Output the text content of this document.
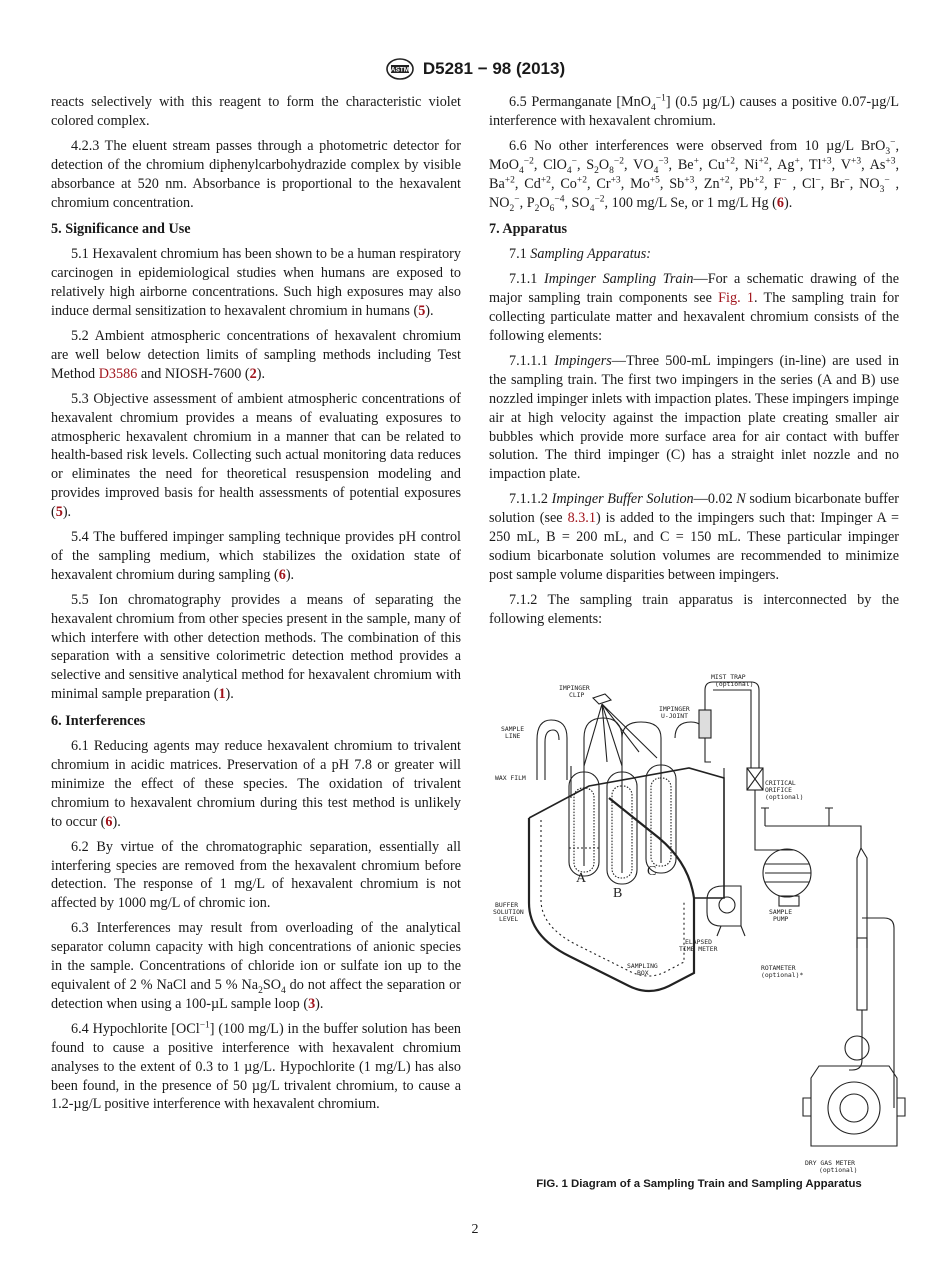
ASTM D5281 − 98 (2013)

reacts selectively with this reagent to form the characteristic violet colored complex.

4.2.3 The eluent stream passes through a photometric detector for detection of the chromium diphenylcarbohydrazide complex by visible absorbance at 520 nm. Absorbance is proportional to the hexavalent chromium concentration.

5. Significance and Use

5.1 Hexavalent chromium has been shown to be a human respiratory carcinogen in epidemiological studies when humans are exposed to relatively high airborne concentrations. Such high exposures may also induce dermal sensitization to hexavalent chromium in humans (5).

5.2 Ambient atmospheric concentrations of hexavalent chromium are well below detection limits of sampling methods including Test Method D3586 and NIOSH-7600 (2).

5.3 Objective assessment of ambient atmospheric concentrations of hexavalent chromium provides a means of evaluating exposures to atmospheric hexavalent chromium in a manner that can be related to health-based risk levels. Collecting such actual monitoring data reduces or eliminates the need for theoretical resuspension modeling and provides improved basis for health assessments of potential exposures (5).

5.4 The buffered impinger sampling technique provides pH control of the sampling medium, which stabilizes the oxidation state of hexavalent chromium during sampling (6).

5.5 Ion chromatography provides a means of separating the hexavalent chromium from other species present in the sample, many of which interfere with other detection methods. The combination of this separation with a sensitive colorimetric detection method provides a selective and sensitive analytical method for hexavalent chromium with minimal sample preparation (1).

6. Interferences

6.1 Reducing agents may reduce hexavalent chromium to trivalent chromium in acidic matrices. Preservation of a pH 7.8 or greater will minimize the effect of these species. The oxidation of trivalent chromium to hexavalent chromium during this test method is unlikely to occur (6).

6.2 By virtue of the chromatographic separation, essentially all interfering species are removed from the hexavalent chromium before detection. The response of 1 mg/L of hexavalent chromium is not affected by 1000 mg/L of chromic ion.

6.3 Interferences may result from overloading of the analytical separator column capacity with high concentrations of anionic species in the sample. Concentrations of chloride ion or sulfate ion up to the equivalent of 2 % NaCl and 5 % $Na_2SO_4$ do not affect the separation or detection when using a 100-µL sample loop (3).

6.4 Hypochlorite [OCl$^{-1}$] (100 mg/L) in the buffer solution has been found to cause a positive interference with hexavalent chromium analyses to the extent of 0.3 to 1 µg/L. Hypochlorite (1 mg/L) has also been found, in the presence of 50 µg/L trivalent chromium, to cause a 1.2-µg/L positive interference with hexavalent chromium.

6.5 Permanganate [MnO$_4^{-1}$] (0.5 µg/L) causes a positive 0.07-µg/L interference with hexavalent chromium.

6.6 No other interferences were observed from 10 µg/L BrO$_3$−, MoO$_4^{-2}$, ClO$_4$−, $S_2O_8^{-2}$, $VO_4^{-3}$, Be+, $Cu^{+2}$, $Ni^{+2}$, Ag+, $Tl^{+3}$, $V^{+3}$, $As^{+3}$, $Ba^{+2}$, $Cd^{+2}$, $Co^{+2}$, $Cr^{+3}$, $Mo^{+5}$, $Sb^{+3}$, $Zn^{+2}$, $Pb^{+2}$, F− , Cl−, Br−, $NO_3^-$ , $NO_2^-$, $P_2O_6^{-4}$, $SO_4^{-2}$, 100 mg/L Se, or 1 mg/L Hg (6).

7. Apparatus

7.1 Sampling Apparatus:

7.1.1 Impinger Sampling Train—For a schematic drawing of the major sampling train components see Fig. 1. The sampling train for collecting particulate matter and hexavalent chromium consists of the following elements:

7.1.1.1 Impingers—Three 500-mL impingers (in-line) are used in the sampling train. The first two impingers in the series (A and B) use nozzled impinger inlets with impaction plates. These impingers impinge air at high velocity against the impaction plate creating smaller air bubbles which provide more surface area for air contact with buffer solution. The third impinger (C) has a straight inlet nozzle and no impaction plate.

7.1.1.2 Impinger Buffer Solution—0.02 N sodium bicarbonate buffer solution (see 8.3.1) is added to the impingers such that: Impinger A = 250 mL, B = 200 mL, and C = 150 mL. These particular impinger sodium bicarbonate solution volumes are recommended to minimize post sample volume disparities between impingers.

7.1.2 The sampling train apparatus is interconnected by the following elements:

A
B
C
MIST TRAP
(optional)
IMPINGER
CLIP
IMPINGER
U-JOINT
SAMPLE
LINE
WAX FILM
CRITICAL
ORIFICE
(optional)
BUFFER
SOLUTION
LEVEL
SAMPLE
PUMP
ELAPSED
TIME METER
SAMPLING
BOX
ROTAMETER
(optional)*
DRY GAS METER
(optional)
FIG. 1 Diagram of a Sampling Train and Sampling Apparatus
2
